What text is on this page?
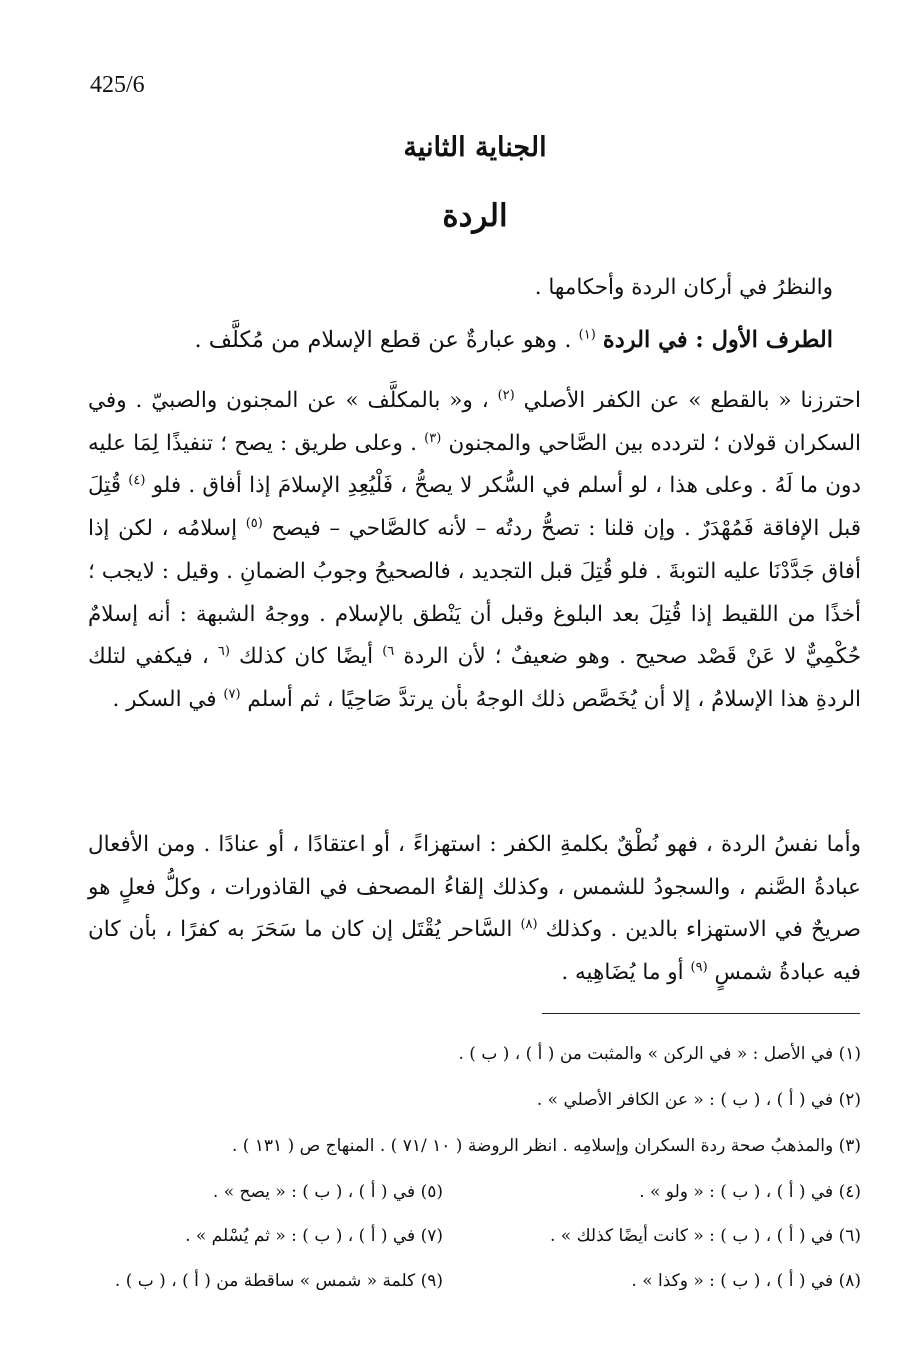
425/6
الجناية الثانية
الردة
والنظرُ في أركان الردة وأحكامها .
الطرف الأول : في الردة $^{(١)}$ . وهو عبارةٌ عن قطع الإسلام من مُكلَّف .
احترزنا « بالقطع » عن الكفر الأصلي $^{(٢)}$ ، و« بالمكلَّف » عن المجنون والصبيّ . وفي السكران قولان ؛ لتردده بين الصَّاحي والمجنون $^{(٣)}$ . وعلى طريق : يصح ؛ تنفيذًا لِمَا عليه دون ما لَهُ . وعلى هذا ، لو أسلم في السُّكر لا يصحُّ ، فَلْيُعِدِ الإسلامَ إذا أفاق . فلو $^{(٤)}$ قُتِلَ قبل الإفاقة فَمُهْدَرٌ . وإن قلنا : تصحُّ ردتُه – لأنه كالصَّاحي – فيصح $^{(٥)}$ إسلامُه ، لكن إذا أفاق جَدَّدْنَا عليه التوبةَ . فلو قُتِلَ قبل التجديد ، فالصحيحُ وجوبُ الضمانِ . وقيل : لايجب ؛ أخذًا من اللقيط إذا قُتِلَ بعد البلوغ وقبل أن يَنْطق بالإسلام . ووجهُ الشبهة : أنه إسلامٌ حُكْمِيٌّ لا عَنْ قَصْد صحيح . وهو ضعيفٌ ؛ لأن الردة $^{٦)}$ أيضًا كان كذلك $^{(٦}$ ، فيكفي لتلك الردةِ هذا الإسلامُ ، إلا أن يُخَصَّص ذلك الوجهُ بأن يرتدَّ صَاحِيًا ، ثم أسلم $^{(٧)}$ في السكر .
وأما نفسُ الردة ، فهو نُطْقٌ بكلمةِ الكفر : استهزاءً ، أو اعتقادًا ، أو عنادًا . ومن الأفعال عبادةُ الصَّنم ، والسجودُ للشمس ، وكذلك إلقاءُ المصحف في القاذورات ، وكلُّ فعلٍ هو صريحٌ في الاستهزاء بالدين . وكذلك $^{(٨)}$ السَّاحر يُقْتَل إن كان ما سَحَرَ به كفرًا ، بأن كان فيه عبادةُ شمسٍ $^{(٩)}$ أو ما يُضَاهِيه .
(١) في الأصل : « في الركن » والمثبت من ( أ ) ، ( ب ) .
(٢) في ( أ ) ، ( ب ) : « عن الكافر الأصلي » .
(٣) والمذهبُ صحة ردة السكران وإسلامِه . انظر الروضة ( ١٠ /٧١ ) . المنهاج ص ( ١٣١ ) .
(٤) في ( أ ) ، ( ب ) : « ولو » .
(٥) في ( أ ) ، ( ب ) : « يصح » .
(٦) في ( أ ) ، ( ب ) : « كانت أيضًا كذلك » .
(٧) في ( أ ) ، ( ب ) : « ثم يُسْلم » .
(٨) في ( أ ) ، ( ب ) : « وكذا » .
(٩) كلمة « شمس » ساقطة من ( أ ) ، ( ب ) .
